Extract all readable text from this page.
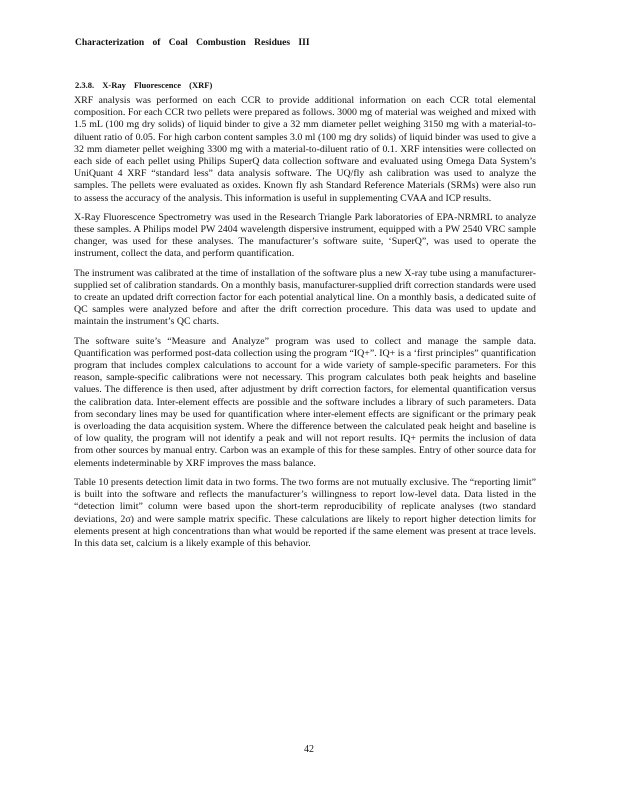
Characterization of Coal Combustion Residues III
2.3.8. X-Ray Fluorescence (XRF)

XRF analysis was performed on each CCR to provide additional information on each CCR total elemental composition. For each CCR two pellets were prepared as follows. 3000 mg of material was weighed and mixed with 1.5 mL (100 mg dry solids) of liquid binder to give a 32 mm diameter pellet weighing 3150 mg with a material-to-diluent ratio of 0.05. For high carbon content samples 3.0 ml (100 mg dry solids) of liquid binder was used to give a 32 mm diameter pellet weighing 3300 mg with a material-to-diluent ratio of 0.1. XRF intensities were collected on each side of each pellet using Philips SuperQ data collection software and evaluated using Omega Data System’s UniQuant 4 XRF “standard less” data analysis software. The UQ/fly ash calibration was used to analyze the samples. The pellets were evaluated as oxides. Known fly ash Standard Reference Materials (SRMs) were also run to assess the accuracy of the analysis. This information is useful in supplementing CVAA and ICP results.

X-Ray Fluorescence Spectrometry was used in the Research Triangle Park laboratories of EPA-NRMRL to analyze these samples. A Philips model PW 2404 wavelength dispersive instrument, equipped with a PW 2540 VRC sample changer, was used for these analyses. The manufacturer’s software suite, ‘SuperQ”, was used to operate the instrument, collect the data, and perform quantification.

The instrument was calibrated at the time of installation of the software plus a new X-ray tube using a manufacturer-supplied set of calibration standards. On a monthly basis, manufacturer-supplied drift correction standards were used to create an updated drift correction factor for each potential analytical line. On a monthly basis, a dedicated suite of QC samples were analyzed before and after the drift correction procedure. This data was used to update and maintain the instrument’s QC charts.

The software suite’s “Measure and Analyze” program was used to collect and manage the sample data. Quantification was performed post-data collection using the program “IQ+”. IQ+ is a ‘first principles” quantification program that includes complex calculations to account for a wide variety of sample-specific parameters. For this reason, sample-specific calibrations were not necessary. This program calculates both peak heights and baseline values. The difference is then used, after adjustment by drift correction factors, for elemental quantification versus the calibration data. Inter-element effects are possible and the software includes a library of such parameters. Data from secondary lines may be used for quantification where inter-element effects are significant or the primary peak is overloading the data acquisition system. Where the difference between the calculated peak height and baseline is of low quality, the program will not identify a peak and will not report results. IQ+ permits the inclusion of data from other sources by manual entry. Carbon was an example of this for these samples. Entry of other source data for elements indeterminable by XRF improves the mass balance.

Table 10 presents detection limit data in two forms. The two forms are not mutually exclusive. The “reporting limit” is built into the software and reflects the manufacturer’s willingness to report low-level data. Data listed in the “detection limit” column were based upon the short-term reproducibility of replicate analyses (two standard deviations, 2σ) and were sample matrix specific. These calculations are likely to report higher detection limits for elements present at high concentrations than what would be reported if the same element was present at trace levels. In this data set, calcium is a likely example of this behavior.

42
